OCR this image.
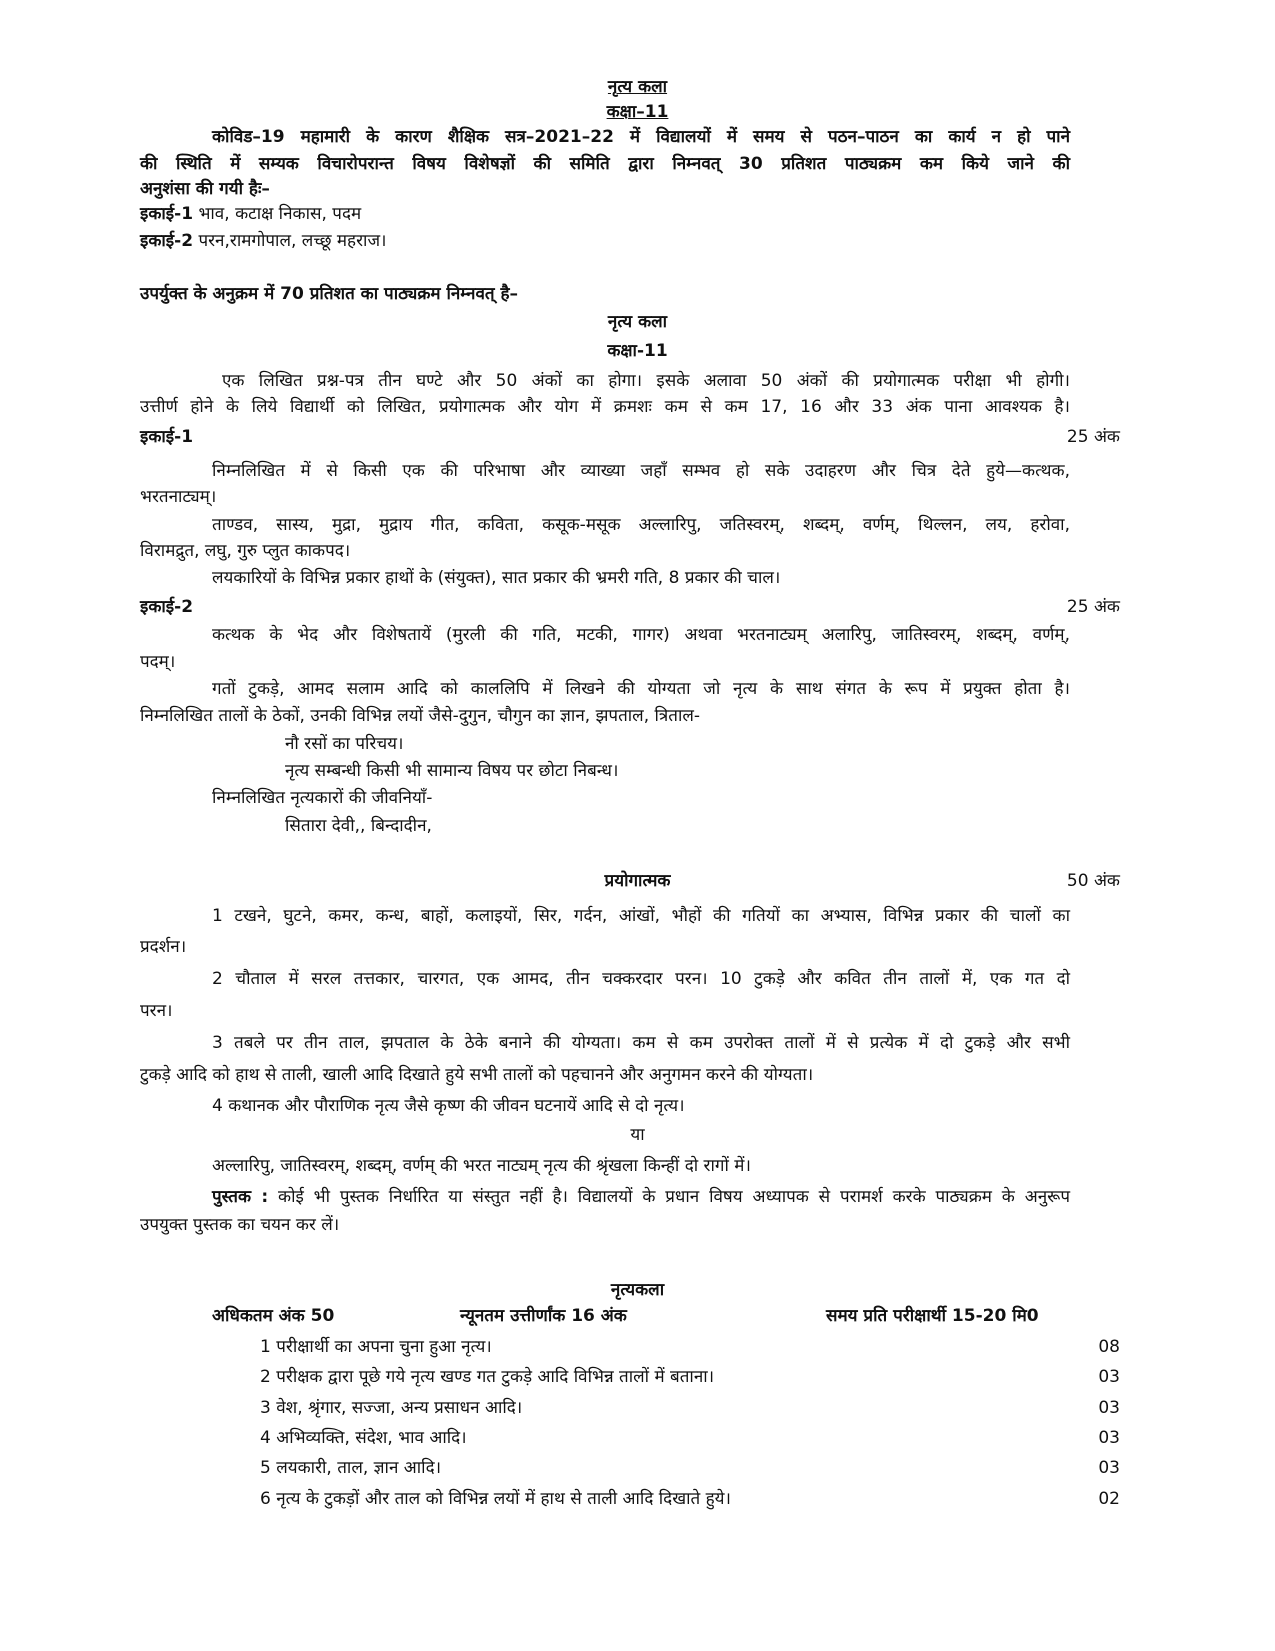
नृत्य कला
कक्षा–11
कोविड–19 महामारी के कारण शैक्षिक सत्र–2021–22 में विद्यालयों में समय से पठन–पाठन का कार्य न हो पाने
की स्थिति में सम्यक विचारोपरान्त विषय विशेषज्ञों की समिति द्वारा निम्नवत् 30 प्रतिशत पाठ्यक्रम कम किये जाने की
अनुशंसा की गयी हैः–
इकाई-1 भाव, कटाक्ष निकास, पदम
इकाई-2 परन,रामगोपाल, लच्छू महराज।
उपर्युक्त के अनुक्रम में 70 प्रतिशत का पाठ्यक्रम निम्नवत् है–
नृत्य कला
कक्षा-11
एक लिखित प्रश्न-पत्र तीन घण्टे और 50 अंकों का होगा। इसके अलावा 50 अंकों की प्रयोगात्मक परीक्षा भी होगी।
उत्तीर्ण होने के लिये विद्यार्थी को लिखित, प्रयोगात्मक और योग में क्रमशः कम से कम 17, 16 और 33 अंक पाना आवश्यक है।
इकाई-1	25 अंक
निम्नलिखित में से किसी एक की परिभाषा और व्याख्या जहाँ सम्भव हो सके उदाहरण और चित्र देते हुये—कत्थक,
भरतनाट्यम्।
ताण्डव, सास्य, मुद्रा, मुद्राय गीत, कविता, कसूक-मसूक अल्लारिपु, जतिस्वरम्, शब्दम्, वर्णम्, थिल्लन, लय, हरोवा,
विरामद्रुत, लघु, गुरु प्लुत काकपद।
लयकारियों के विभिन्न प्रकार हाथों के (संयुक्त), सात प्रकार की भ्रमरी गति, 8 प्रकार की चाल।
इकाई-2	25 अंक
कत्थक के भेद और विशेषतायें (मुरली की गति, मटकी, गागर) अथवा भरतनाट्यम् अलारिपु, जातिस्वरम्, शब्दम्, वर्णम्,
पदम्।
गतों टुकड़े, आमद सलाम आदि को काललिपि में लिखने की योग्यता जो नृत्य के साथ संगत के रूप में प्रयुक्त होता है।
निम्नलिखित तालों के ठेकों, उनकी विभिन्न लयों जैसे-दुगुन, चौगुन का ज्ञान, झपताल, त्रिताल-
नौ रसों का परिचय।
नृत्य सम्बन्धी किसी भी सामान्य विषय पर छोटा निबन्ध।
निम्नलिखित नृत्यकारों की जीवनियाँ-
सितारा देवी,, बिन्दादीन,
प्रयोगात्मक	50 अंक
1 टखने, घुटने, कमर, कन्ध, बाहों, कलाइयों, सिर, गर्दन, आंखों, भौहों की गतियों का अभ्यास, विभिन्न प्रकार की चालों का
प्रदर्शन।
2 चौताल में सरल तत्तकार, चारगत, एक आमद, तीन चक्करदार परन। 10 टुकड़े और कवित तीन तालों में, एक गत दो
परन।
3 तबले पर तीन ताल, झपताल के ठेके बनाने की योग्यता। कम से कम उपरोक्त तालों में से प्रत्येक में दो टुकड़े और सभी
टुकड़े आदि को हाथ से ताली, खाली आदि दिखाते हुये सभी तालों को पहचानने और अनुगमन करने की योग्यता।
4 कथानक और पौराणिक नृत्य जैसे कृष्ण की जीवन घटनायें आदि से दो नृत्य।
या
अल्लारिपु, जातिस्वरम्, शब्दम्, वर्णम् की भरत नाट्यम् नृत्य की श्रृंखला किन्हीं दो रागों में।
पुस्तक : कोई भी पुस्तक निर्धारित या संस्तुत नहीं है। विद्यालयों के प्रधान विषय अध्यापक से परामर्श करके पाठ्यक्रम के अनुरूप
उपयुक्त पुस्तक का चयन कर लें।
नृत्यकला
अधिकतम अंक 50	न्यूनतम उत्तीर्णांक 16 अंक	समय प्रति परीक्षार्थी 15-20 मि0
1 परीक्षार्थी का अपना चुना हुआ नृत्य।	08
2 परीक्षक द्वारा पूछे गये नृत्य खण्ड गत टुकड़े आदि विभिन्न तालों में बताना।	03
3 वेश, श्रृंगार, सज्जा, अन्य प्रसाधन आदि।	03
4 अभिव्यक्ति, संदेश, भाव आदि।	03
5 लयकारी, ताल, ज्ञान आदि।	03
6 नृत्य के टुकड़ों और ताल को विभिन्न लयों में हाथ से ताली आदि दिखाते हुये।	02
